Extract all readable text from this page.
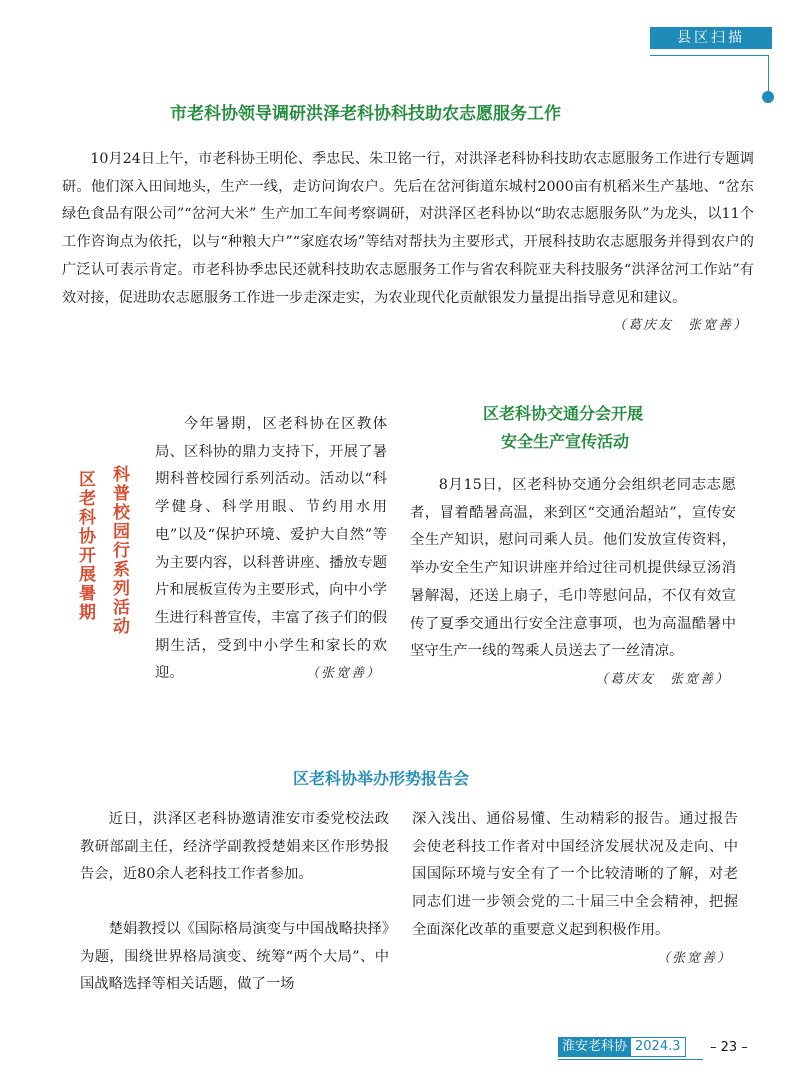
县区扫描
市老科协领导调研洪泽老科协科技助农志愿服务工作

10月24日上午，市老科协王明伦、季忠民、朱卫铭一行，对洪泽老科协科技助农志愿服务工作进行专题调研。他们深入田间地头，生产一线，走访问询农户。先后在岔河街道东城村2000亩有机稻米生产基地、“岔东绿色食品有限公司”“岔河大米” 生产加工车间考察调研，对洪泽区老科协以“助农志愿服务队”为龙头，以11个工作咨询点为依托，以与“种粮大户”“家庭农场”等结对帮扶为主要形式，开展科技助农志愿服务并得到农户的广泛认可表示肯定。市老科协季忠民还就科技助农志愿服务工作与省农科院亚夫科技服务“洪泽岔河工作站”有效对接，促进助农志愿服务工作进一步走深走实，为农业现代化贡献银发力量提出指导意见和建议。
（葛庆友　张宽善）

科普校园行系列活动
区老科协开展暑期

今年暑期，区老科协在区教体局、区科协的鼎力支持下，开展了暑期科普校园行系列活动。活动以“科学健身、科学用眼、节约用水用电”以及“保护环境、爱护大自然”等为主要内容，以科普讲座、播放专题片和展板宣传为主要形式，向中小学生进行科普宣传，丰富了孩子们的假期生活，受到中小学生和家长的欢迎。	（张宽善）

区老科协交通分会开展
安全生产宣传活动

8月15日，区老科协交通分会组织老同志志愿者，冒着酷暑高温，来到区“交通治超站”，宣传安全生产知识，慰问司乘人员。他们发放宣传资料，举办安全生产知识讲座并给过往司机提供绿豆汤消暑解渴，还送上扇子，毛巾等慰问品，不仅有效宣传了夏季交通出行安全注意事项，也为高温酷暑中坚守生产一线的驾乘人员送去了一丝清凉。
（葛庆友　张宽善）

区老科协举办形势报告会

近日，洪泽区老科协邀请淮安市委党校法政教研部副主任，经济学副教授楚娟来区作形势报告会，近80余人老科技工作者参加。

楚娟教授以《国际格局演变与中国战略抉择》为题，围绕世界格局演变、统筹“两个大局”、中国战略选择等相关话题，做了一场

深入浅出、通俗易懂、生动精彩的报告。通过报告会使老科技工作者对中国经济发展状况及走向、中国国际环境与安全有了一个比较清晰的了解，对老同志们进一步领会党的二十届三中全会精神，把握全面深化改革的重要意义起到积极作用。
（张宽善）

淮安老科协 2024.3	– 23 –
